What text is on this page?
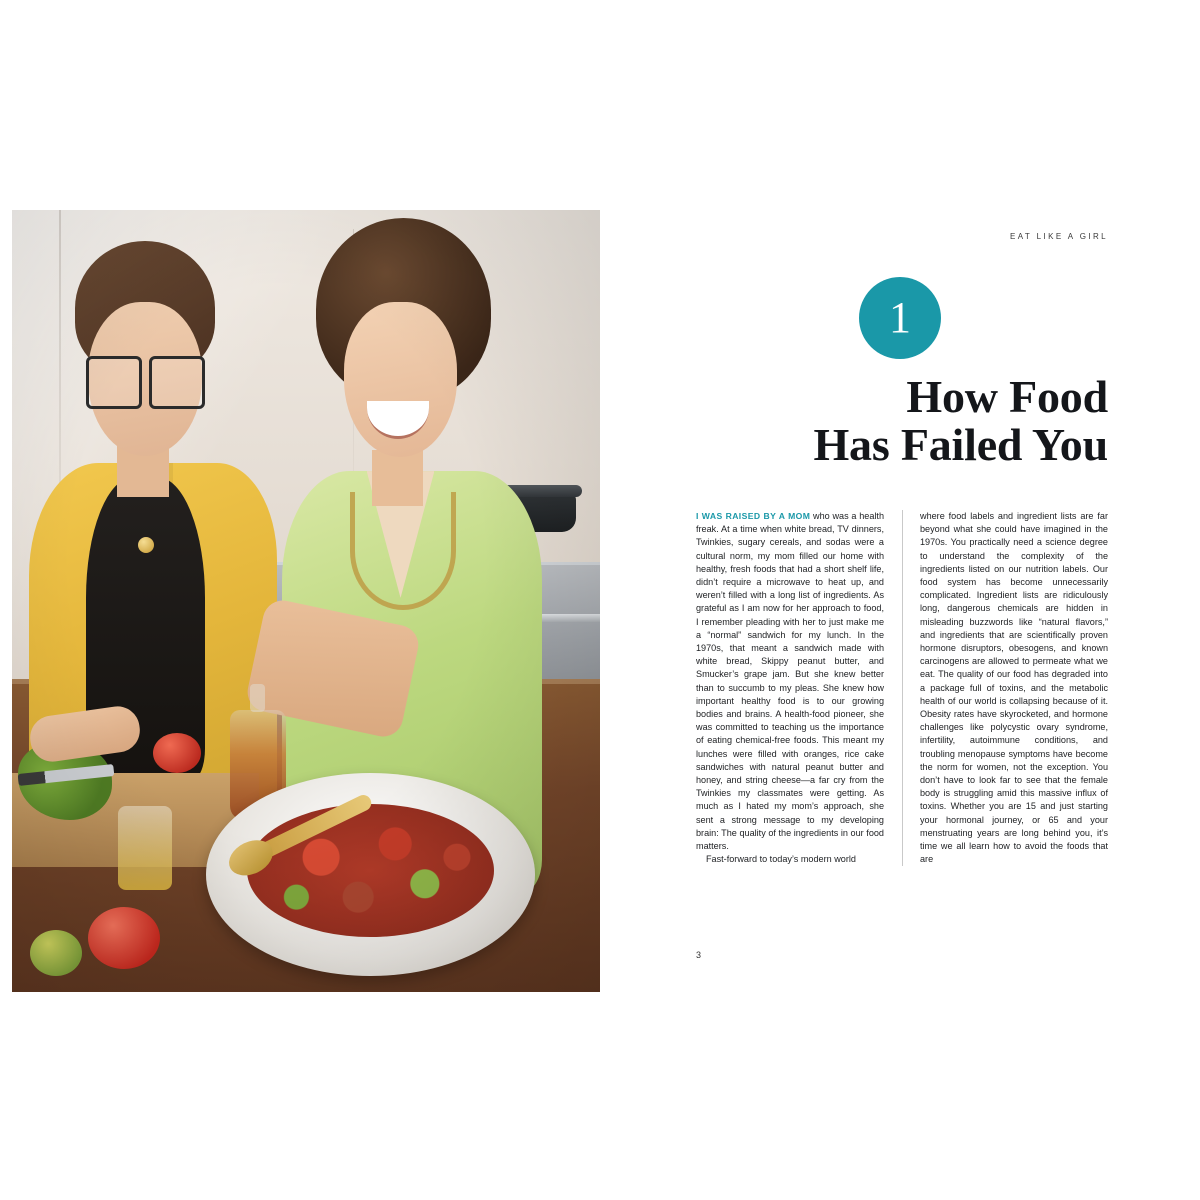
EAT LIKE A GIRL
1
How Food
Has Failed You

I WAS RAISED BY A MOM who was a health freak. At a time when white bread, TV dinners, Twinkies, sugary cereals, and sodas were a cultural norm, my mom filled our home with healthy, fresh foods that had a short shelf life, didn’t require a microwave to heat up, and weren’t filled with a long list of ingredients. As grateful as I am now for her approach to food, I remember pleading with her to just make me a “normal” sandwich for my lunch. In the 1970s, that meant a sandwich made with white bread, Skippy peanut butter, and Smucker’s grape jam. But she knew better than to succumb to my pleas. She knew how important healthy food is to our growing bodies and brains. A health-food pioneer, she was committed to teaching us the importance of eating chemical-free foods. This meant my lunches were filled with oranges, rice cake sandwiches with natural peanut butter and honey, and string cheese—a far cry from the Twinkies my classmates were getting. As much as I hated my mom’s approach, she sent a strong message to my developing brain: The quality of the ingredients in our food matters.

Fast-forward to today’s modern world

where food labels and ingredient lists are far beyond what she could have imagined in the 1970s. You practically need a science degree to understand the complexity of the ingredients listed on our nutrition labels. Our food system has become unnecessarily complicated. Ingredient lists are ridiculously long, dangerous chemicals are hidden in misleading buzzwords like “natural flavors,” and ingredients that are scientifically proven hormone disruptors, obesogens, and known carcinogens are allowed to permeate what we eat. The quality of our food has degraded into a package full of toxins, and the metabolic health of our world is collapsing because of it. Obesity rates have skyrocketed, and hormone challenges like polycystic ovary syndrome, infertility, autoimmune conditions, and troubling menopause symptoms have become the norm for women, not the exception. You don’t have to look far to see that the female body is struggling amid this massive influx of toxins. Whether you are 15 and just starting your hormonal journey, or 65 and your menstruating years are long behind you, it’s time we all learn how to avoid the foods that are

3
